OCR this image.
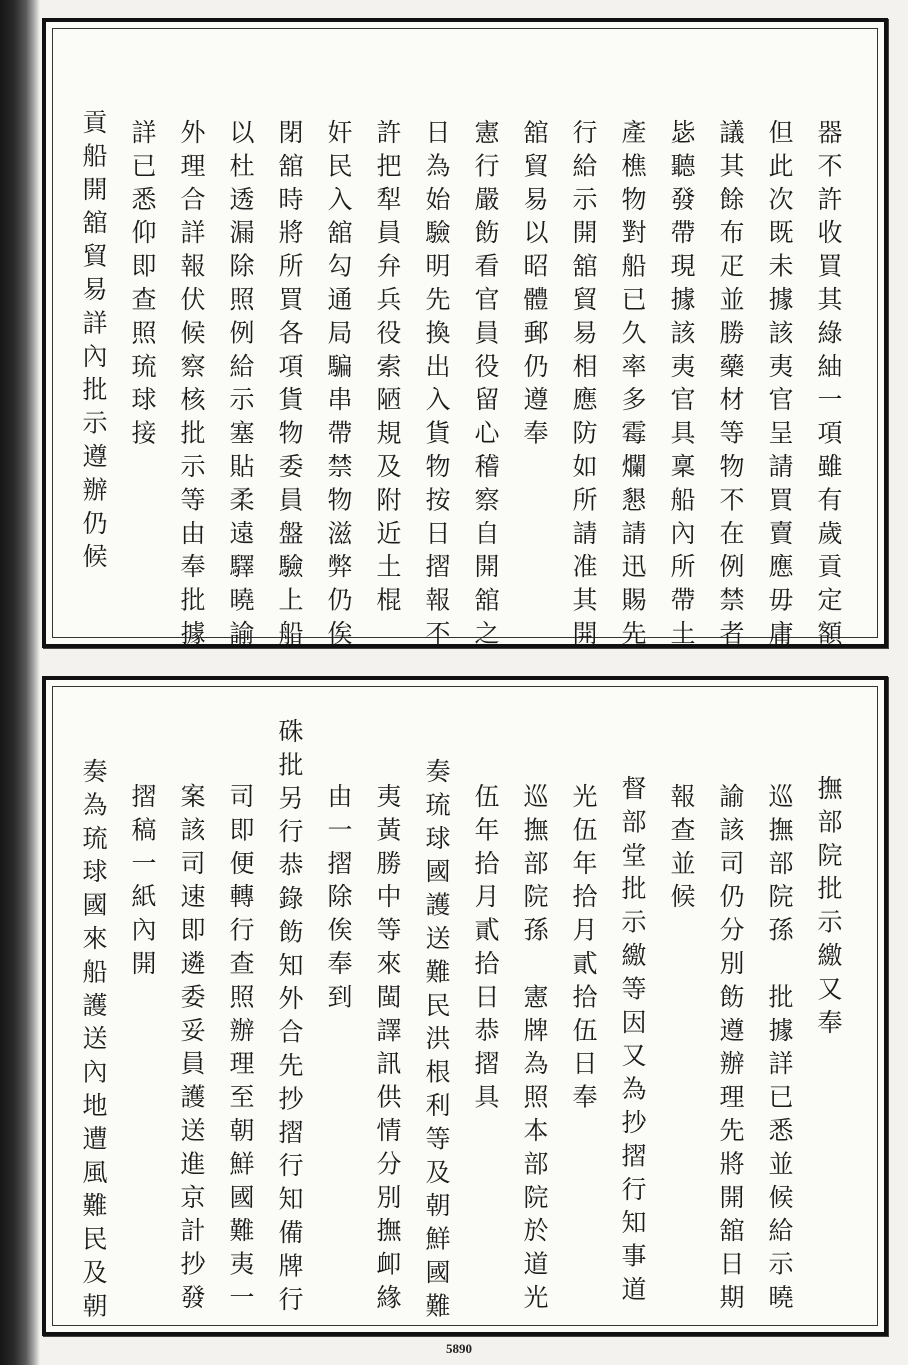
器不許收買其綠紬一項雖有歲貢定額
但此次既未據該夷官呈請買賣應毋庸
議其餘布疋並勝藥材等物不在例禁者
毖聽發帶現據該夷官具稟船內所帶土
產樵物對船已久率多霉爛懇請迅賜先
行給示開舘貿易相應防如所請准其開
舘貿易以昭體郵仍遵奉
憲行嚴飭看官員役留心稽察自開舘之
日為始驗明先換出入貨物按日摺報不
許把犁員弁兵役索陋規及附近土棍
奸民入舘勾通局騙串帶禁物滋弊仍俟
閉舘時將所買各項貨物委員盤驗上船
以杜透漏除照例給示塞貼柔遠驛曉諭
外理合詳報伏候察核批示等由奉批據
詳已悉仰即查照琉球接
貢船開舘貿易詳內批示遵辦仍候
撫部院批示繳又奉
巡撫部院孫　批據詳已悉並候給示曉
諭該司仍分別飭遵辦理先將開舘日期
報查並候
督部堂批示繳等因又為抄摺行知事道
光伍年拾月貳拾伍日奉
巡撫部院孫　憲牌為照本部院於道光
伍年拾月貳拾日恭摺具
奏琉球國護送難民洪根利等及朝鮮國難
夷黃勝中等來閩譯訊供情分別撫卹緣
由一摺除俟奉到
硃批另行恭錄飭知外合先抄摺行知備牌行
司即便轉行查照辦理至朝鮮國難夷一
案該司速即遴委妥員護送進京計抄發
摺稿一紙內開
奏為琉球國來船護送內地遭風難民及朝
5890
